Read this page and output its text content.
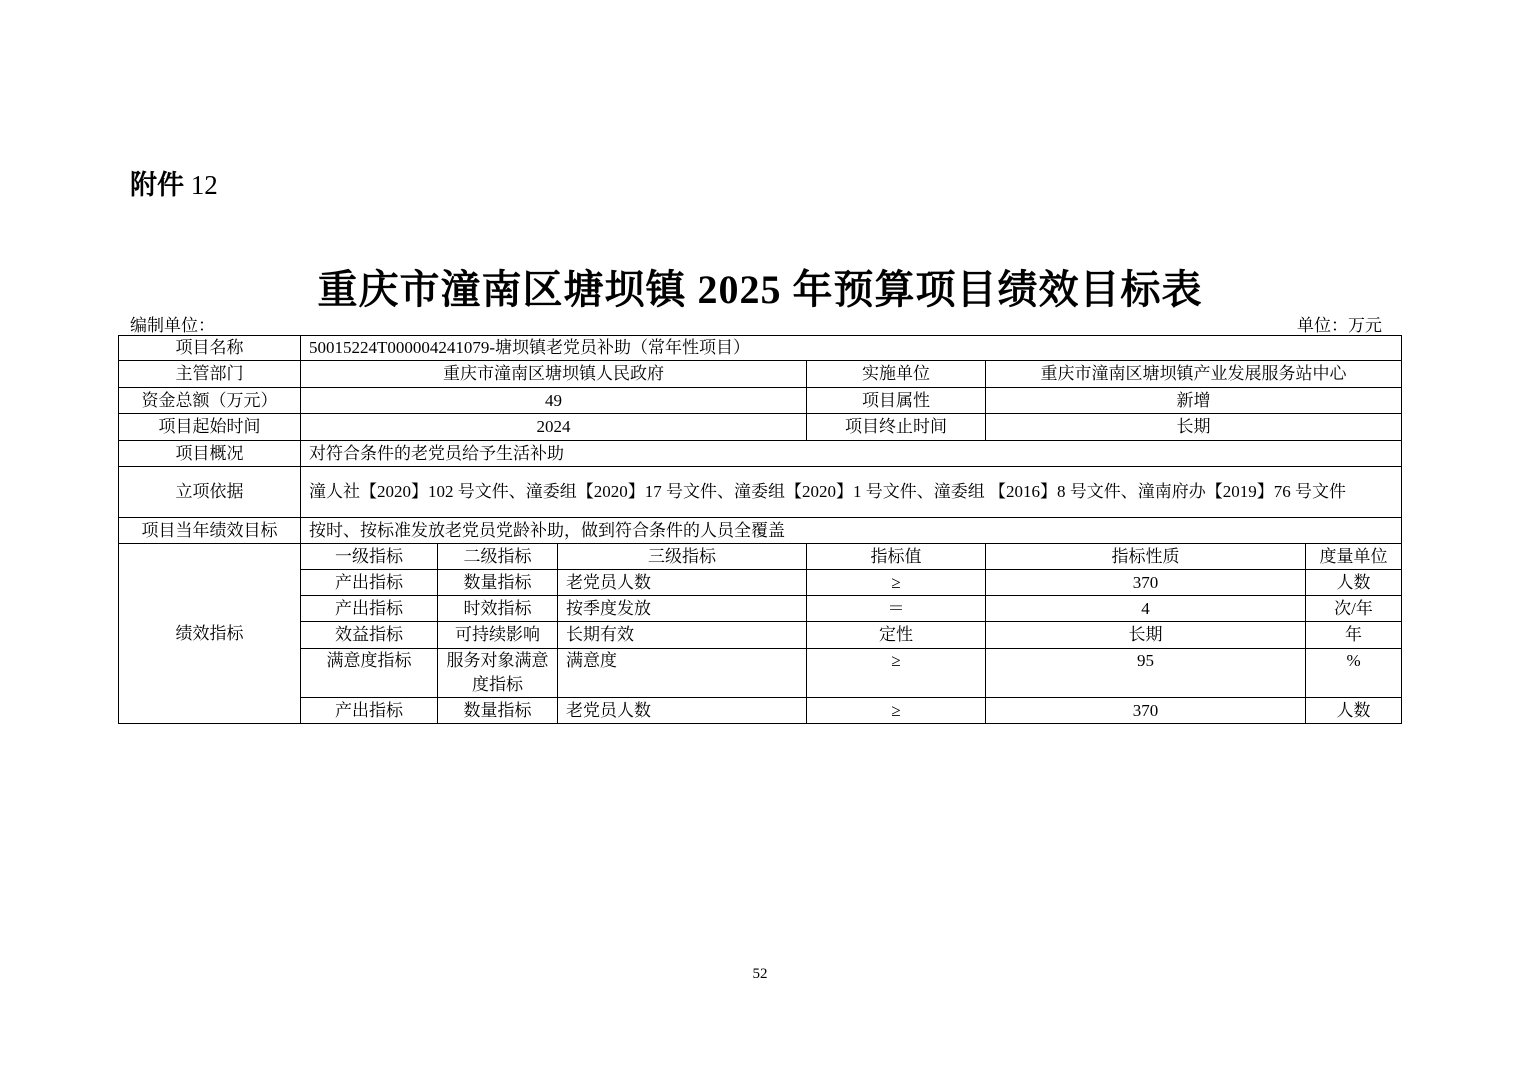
附件 12
重庆市潼南区塘坝镇 2025 年预算项目绩效目标表
编制单位：	单位：万元
项目名称	50015224T000004241079-塘坝镇老党员补助（常年性项目）					
主管部门	重庆市潼南区塘坝镇人民政府			实施单位	重庆市潼南区塘坝镇产业发展服务站中心	
资金总额（万元）	49			项目属性	新增	
项目起始时间	2024			项目终止时间	长期	
项目概况	对符合条件的老党员给予生活补助					
立项依据	潼人社【2020】102 号文件、潼委组【2020】17 号文件、潼委组【2020】1 号文件、潼委组 【2016】8 号文件、潼南府办【2019】76 号文件					
项目当年绩效目标	按时、按标准发放老党员党龄补助，做到符合条件的人员全覆盖					
绩效指标	一级指标	二级指标	三级指标	指标值	指标性质	度量单位
	产出指标	数量指标	老党员人数	≥	370	人数
	产出指标	时效指标	按季度发放	＝	4	次/年
	效益指标	可持续影响	长期有效	定性	长期	年
	满意度指标	服务对象满意度指标	满意度	≥	95	%
	产出指标	数量指标	老党员人数	≥	370	人数
52
